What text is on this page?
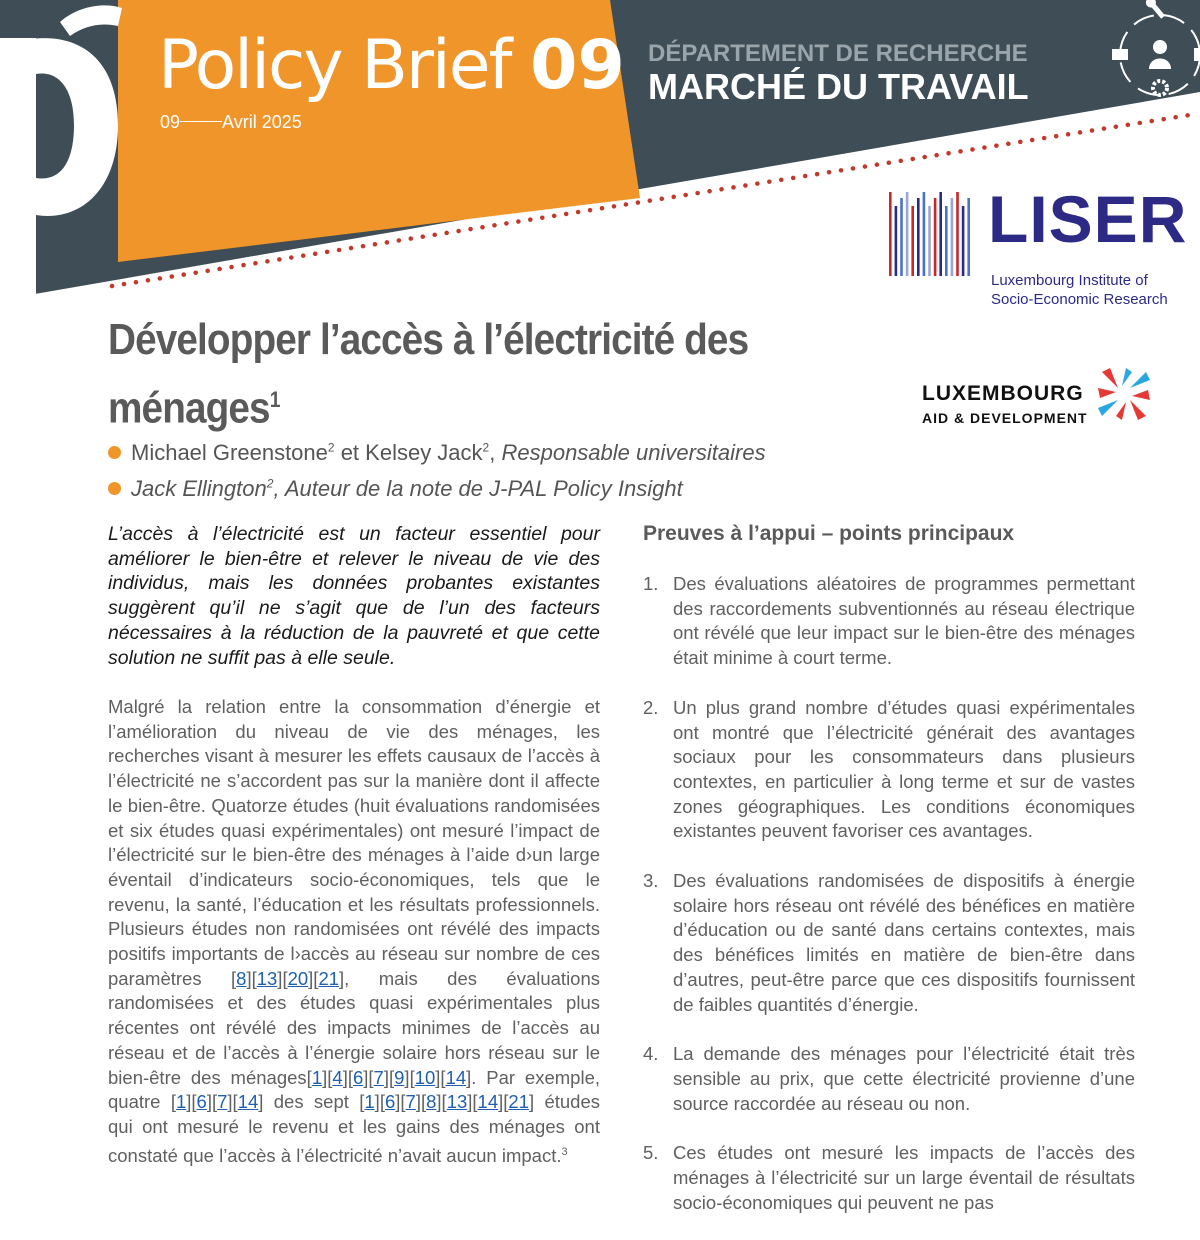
Policy Brief 09
09 Avril 2025
DÉPARTEMENT DE RECHERCHE
MARCHÉ DU TRAVAIL
LISER
Luxembourg Institute of
Socio-Economic Research
LUXEMBOURG
AID & DEVELOPMENT
Développer l’accès à l’électricité des ménages$^1$
Michael Greenstone$^2$ et Kelsey Jack$^2$, Responsable universitaires
Jack Ellington$^2$, Auteur de la note de J-PAL Policy Insight
L’accès à l’électricité est un facteur essentiel pour améliorer le bien-être et relever le niveau de vie des individus, mais les données probantes existantes suggèrent qu’il ne s’agit que de l’un des facteurs nécessaires à la réduction de la pauvreté et que cette solution ne suffit pas à elle seule.
Malgré la relation entre la consommation d’énergie et l’amélioration du niveau de vie des ménages, les recherches visant à mesurer les effets causaux de l’accès à l’électricité ne s’accordent pas sur la manière dont il affecte le bien-être. Quatorze études (huit évaluations randomisées et six études quasi expérimentales) ont mesuré l’impact de l’électricité sur le bien-être des ménages à l’aide d›un large éventail d’indicateurs socio-économiques, tels que le revenu, la santé, l’éducation et les résultats professionnels. Plusieurs études non randomisées ont révélé des impacts positifs importants de l›accès au réseau sur nombre de ces paramètres [8][13][20][21], mais des évaluations randomisées et des études quasi expérimentales plus récentes ont révélé des impacts minimes de l’accès au réseau et de l’accès à l’énergie solaire hors réseau sur le bien-être des ménages[1][4][6][7][9][10][14]. Par exemple, quatre [1][6][7][14] des sept [1][6][7][8][13][14][21] études qui ont mesuré le revenu et les gains des ménages ont constaté que l’accès à l’électricité n’avait aucun impact.$^3$
Preuves à l’appui – points principaux
1. Des évaluations aléatoires de programmes permettant des raccordements subventionnés au réseau électrique ont révélé que leur impact sur le bien-être des ménages était minime à court terme.
2. Un plus grand nombre d’études quasi expérimentales ont montré que l’électricité générait des avantages sociaux pour les consommateurs dans plusieurs contextes, en particulier à long terme et sur de vastes zones géographiques. Les conditions économiques existantes peuvent favoriser ces avantages.
3. Des évaluations randomisées de dispositifs à énergie solaire hors réseau ont révélé des bénéfices en matière d’éducation ou de santé dans certains contextes, mais des bénéfices limités en matière de bien-être dans d’autres, peut-être parce que ces dispositifs fournissent de faibles quantités d’énergie.
4. La demande des ménages pour l’électricité était très sensible au prix, que cette électricité provienne d’une source raccordée au réseau ou non.
5. Ces études ont mesuré les impacts de l’accès des ménages à l’électricité sur un large éventail de résultats socio-économiques qui peuvent ne pas
